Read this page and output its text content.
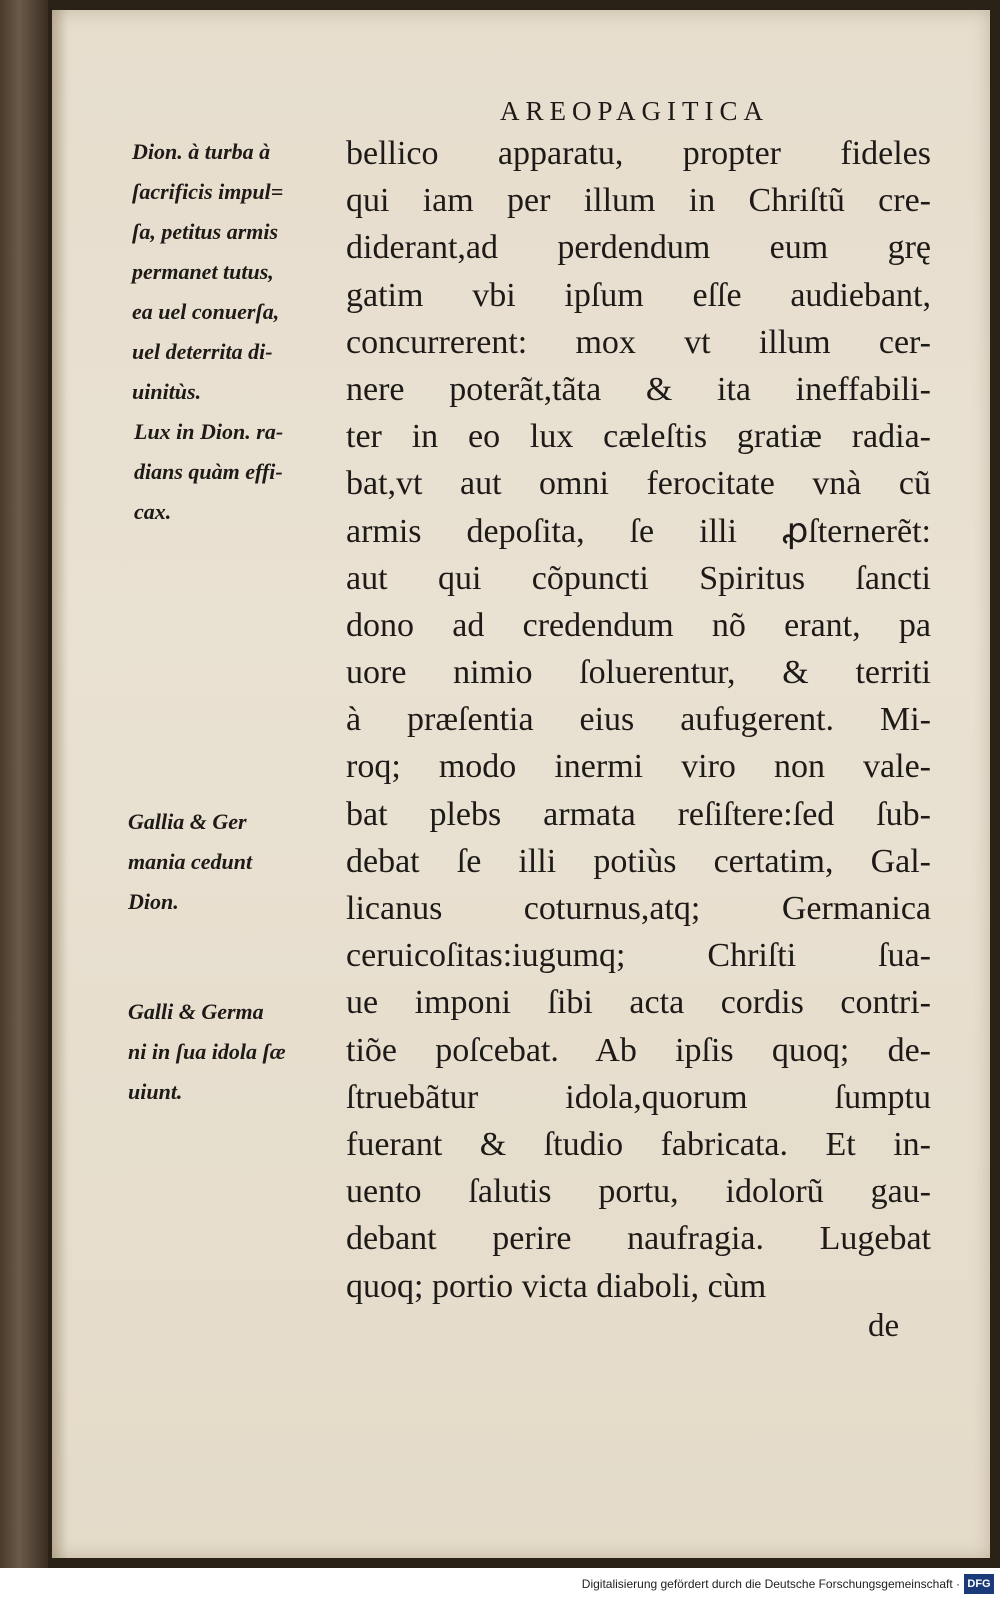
AREOPAGITICA
Dion. à turba à
ſacrificis impul=
ſa, petitus armis
permanet tutus,
ea uel conuerſa,
uel deterrita di-
uinitùs.
Lux in Dion. ra-
dians quàm effi-
cax.
Gallia & Ger
mania cedunt
Dion.
Galli & Germa
ni in ſua idola ſæ
uiunt.
bellico apparatu, propter fideles
qui iam per illum in Chriſtũ cre-
diderant,ad perdendum eum grę
gatim vbi ipſum eſſe audiebant,
concurrerent: mox vt illum cer-
nere poterãt,tãta & ita ineffabili-
ter in eo lux cæleſtis gratiæ radia-
bat,vt aut omni ferocitate vnà cũ
armis depoſita, ſe illi ꝓſternerẽt:
aut qui cõpuncti Spiritus ſancti
dono ad credendum nõ erant, pa
uore nimio ſoluerentur, & territi
à præſentia eius aufugerent. Mi-
roq; modo inermi viro non vale-
bat plebs armata reſiſtere:ſed ſub-
debat ſe illi potiùs certatim, Gal-
licanus coturnus,atq; Germanica
ceruicoſitas:iugumq; Chriſti ſua-
ue imponi ſibi acta cordis contri-
tiõe poſcebat. Ab ipſis quoq; de-
ſtruebãtur idola,quorum ſumptu
fuerant & ſtudio fabricata. Et in-
uento ſalutis portu, idolorũ gau-
debant perire naufragia. Lugebat
quoq; portio victa diaboli, cùm
de
Digitalisierung gefördert durch die Deutsche Forschungsgemeinschaft · DFG
